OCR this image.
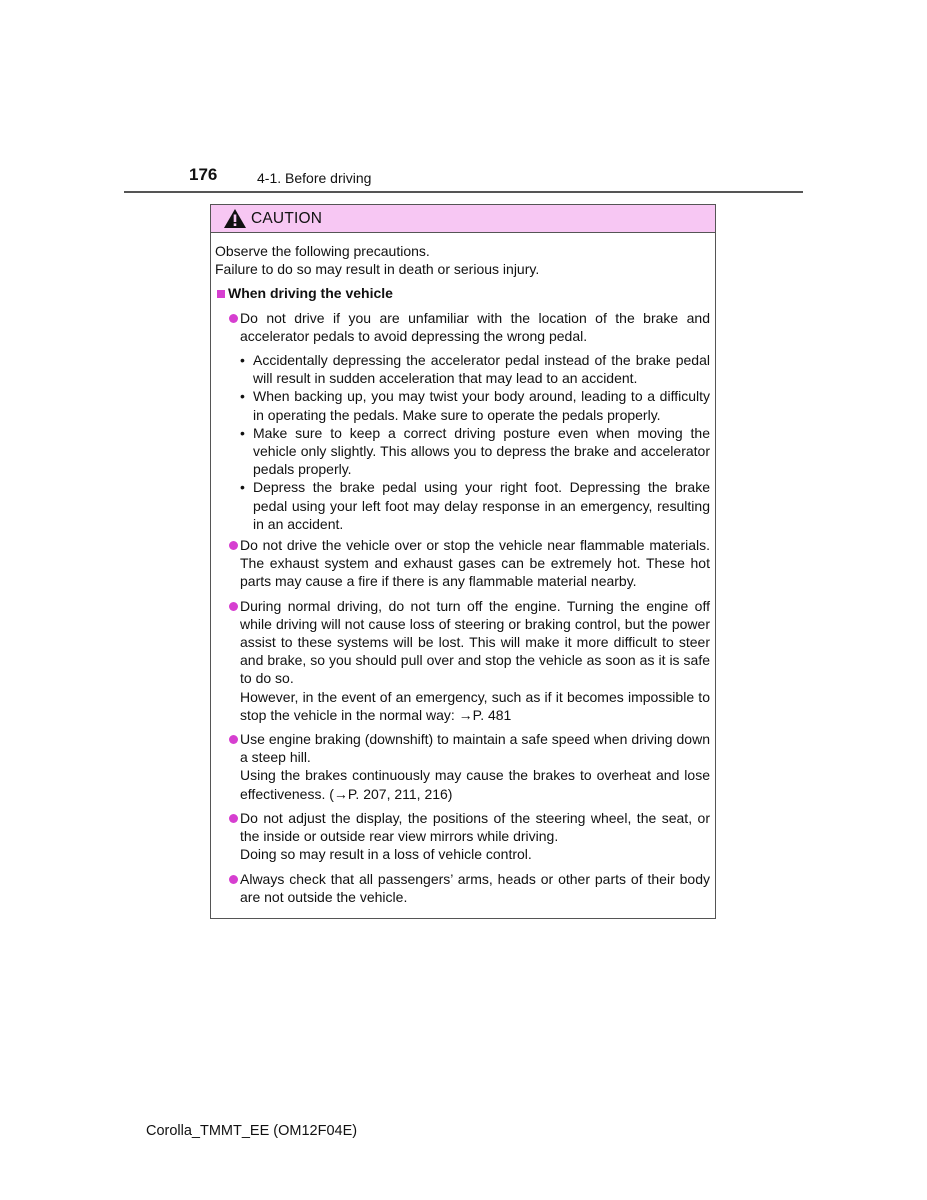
176	4-1. Before driving
CAUTION

Observe the following precautions.

Failure to do so may result in death or serious injury.

When driving the vehicle

Do not drive if you are unfamiliar with the location of the brake and accelerator pedals to avoid depressing the wrong pedal.

• Accidentally depressing the accelerator pedal instead of the brake pedal will result in sudden acceleration that may lead to an accident.
• When backing up, you may twist your body around, leading to a difficulty in operating the pedals. Make sure to operate the pedals properly.
• Make sure to keep a correct driving posture even when moving the vehicle only slightly. This allows you to depress the brake and accelerator pedals properly.
• Depress the brake pedal using your right foot. Depressing the brake pedal using your left foot may delay response in an emergency, resulting in an accident.

Do not drive the vehicle over or stop the vehicle near flammable materials. The exhaust system and exhaust gases can be extremely hot. These hot parts may cause a fire if there is any flammable material nearby.

During normal driving, do not turn off the engine. Turning the engine off while driving will not cause loss of steering or braking control, but the power assist to these systems will be lost. This will make it more difficult to steer and brake, so you should pull over and stop the vehicle as soon as it is safe to do so.

However, in the event of an emergency, such as if it becomes impossible to stop the vehicle in the normal way: →P. 481

Use engine braking (downshift) to maintain a safe speed when driving down a steep hill.

Using the brakes continuously may cause the brakes to overheat and lose effectiveness. (→P. 207, 211, 216)

Do not adjust the display, the positions of the steering wheel, the seat, or the inside or outside rear view mirrors while driving.

Doing so may result in a loss of vehicle control.

Always check that all passengers’ arms, heads or other parts of their body are not outside the vehicle.

Corolla_TMMT_EE (OM12F04E)
